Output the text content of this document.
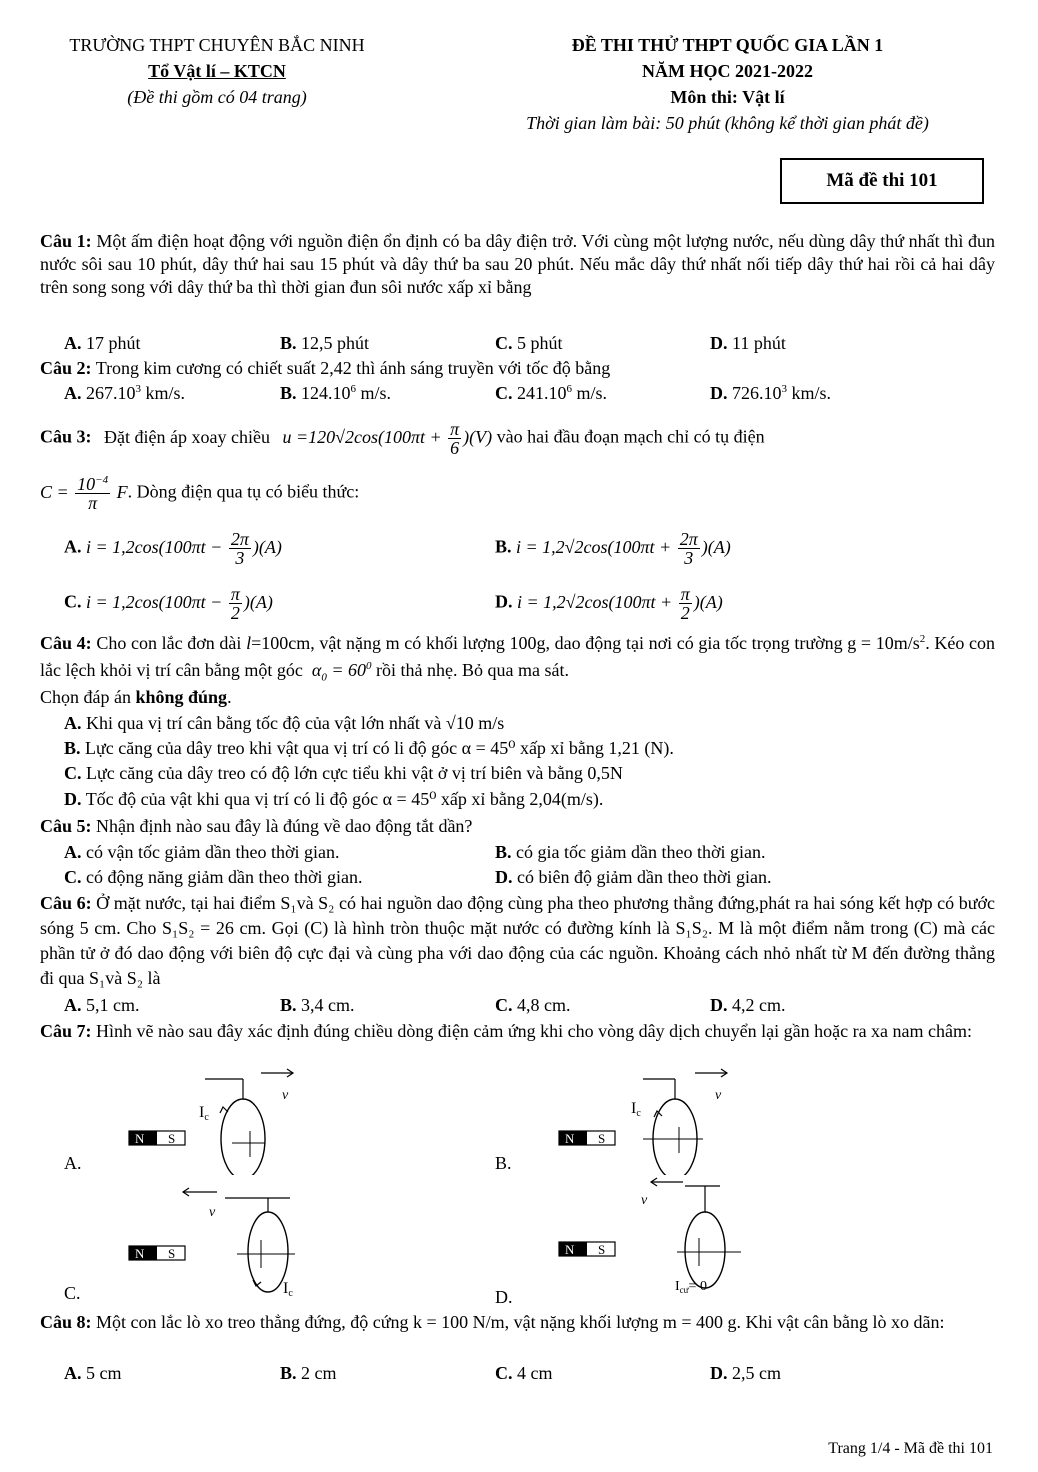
TRƯỜNG THPT CHUYÊN BẮC NINH
Tổ Vật lí – KTCN
(Đề thi gồm có 04 trang)
ĐỀ THI THỬ THPT QUỐC GIA LẦN 1
NĂM HỌC 2021-2022
Môn thi: Vật lí
Thời gian làm bài: 50 phút (không kể thời gian phát đề)
Mã đề thi 101
Câu 1: Một ấm điện hoạt động với nguồn điện ổn định có ba dây điện trở. Với cùng một lượng nước, nếu dùng dây thứ nhất thì đun nước sôi sau 10 phút, dây thứ hai sau 15 phút và dây thứ ba sau 20 phút. Nếu mắc dây thứ nhất nối tiếp dây thứ hai rồi cả hai dây trên song song với dây thứ ba thì thời gian đun sôi nước xấp xỉ bằng
A. 17 phút	B. 12,5 phút	C. 5 phút	D. 11 phút
Câu 2: Trong kim cương có chiết suất 2,42 thì ánh sáng truyền với tốc độ bằng
A. 267.10$^3$ km/s.	B. 124.10$^6$ m/s.	C. 241.10$^6$ m/s.	D. 726.10$^3$ km/s.
Câu 3: Đặt điện áp xoay chiều $u =120√2\cos(100\pi t + \frac{\pi}{6} )(V)$ vào hai đầu đoạn mạch chỉ có tụ điện
$C = \frac{10^{-4}}{\pi} F$. Dòng điện qua tụ có biểu thức:
A. $i = 1,2\cos(100\pi t - \frac{2\pi}{3} )(A)$	B. $i = 1,2√2\cos(100\pi t + \frac{2\pi}{3} )(A)$
C. $i = 1,2\cos(100\pi t - \frac{\pi}{2} )(A)$	D. $i = 1,2√2\cos(100\pi t + \frac{\pi}{2} )(A)$
Câu 4: Cho con lắc đơn dài l=100cm, vật nặng m có khối lượng 100g, dao động tại nơi có gia tốc trọng trường $g = 10m/s^2$. Kéo con lắc lệch khỏi vị trí cân bằng một góc  $\alpha_0 = 60^0$ rồi thả nhẹ. Bỏ qua ma sát.
Chọn đáp án không đúng.
A. Khi qua vị trí cân bằng tốc độ của vật lớn nhất và √10 m/s
B. Lực căng của dây treo khi vật qua vị trí có li độ góc α = 45⁰ xấp xỉ bằng 1,21 (N).
C. Lực căng của dây treo có độ lớn cực tiểu khi vật ở vị trí biên và bằng 0,5N
D. Tốc độ của vật khi qua vị trí có li độ góc α = 45⁰ xấp xỉ bằng 2,04(m/s).
Câu 5: Nhận định nào sau đây là đúng về dao động tắt dần?
A. có vận tốc giảm dần theo thời gian.	B. có gia tốc giảm dần theo thời gian.
C. có động năng giảm dần theo thời gian.	D. có biên độ giảm dần theo thời gian.
Câu 6: Ở mặt nước, tại hai điểm S₁và S₂ có hai nguồn dao động cùng pha theo phương thẳng đứng,phát ra hai sóng kết hợp có bước sóng 5 cm. Cho S₁S₂ = 26 cm. Gọi (C) là hình tròn thuộc mặt nước có đường kính là S₁S₂. M là một điểm nằm trong (C) mà các phần tử ở đó dao động với biên độ cực đại và cùng pha với dao động của các nguồn. Khoảng cách nhỏ nhất từ M đến đường thẳng đi qua S₁và S₂ là
A. 5,1 cm.	B. 3,4 cm.	C. 4,8 cm.	D. 4,2 cm.
Câu 7: Hình vẽ nào sau đây xác định đúng chiều dòng điện cảm ứng khi cho vòng dây dịch chuyển lại gần hoặc ra xa nam châm:
A.
v
Ic
N S
B.
v
Ic
N S
C.
v
Ic
N S
D.
v
$I_{cư}= 0$
N S
Câu 8: Một con lắc lò xo treo thẳng đứng, độ cứng k = 100 N/m, vật nặng khối lượng m = 400 g. Khi vật cân bằng lò xo dãn:
A. 5 cm	B. 2 cm	C. 4 cm	D. 2,5 cm
Trang 1/4 - Mã đề thi 101
